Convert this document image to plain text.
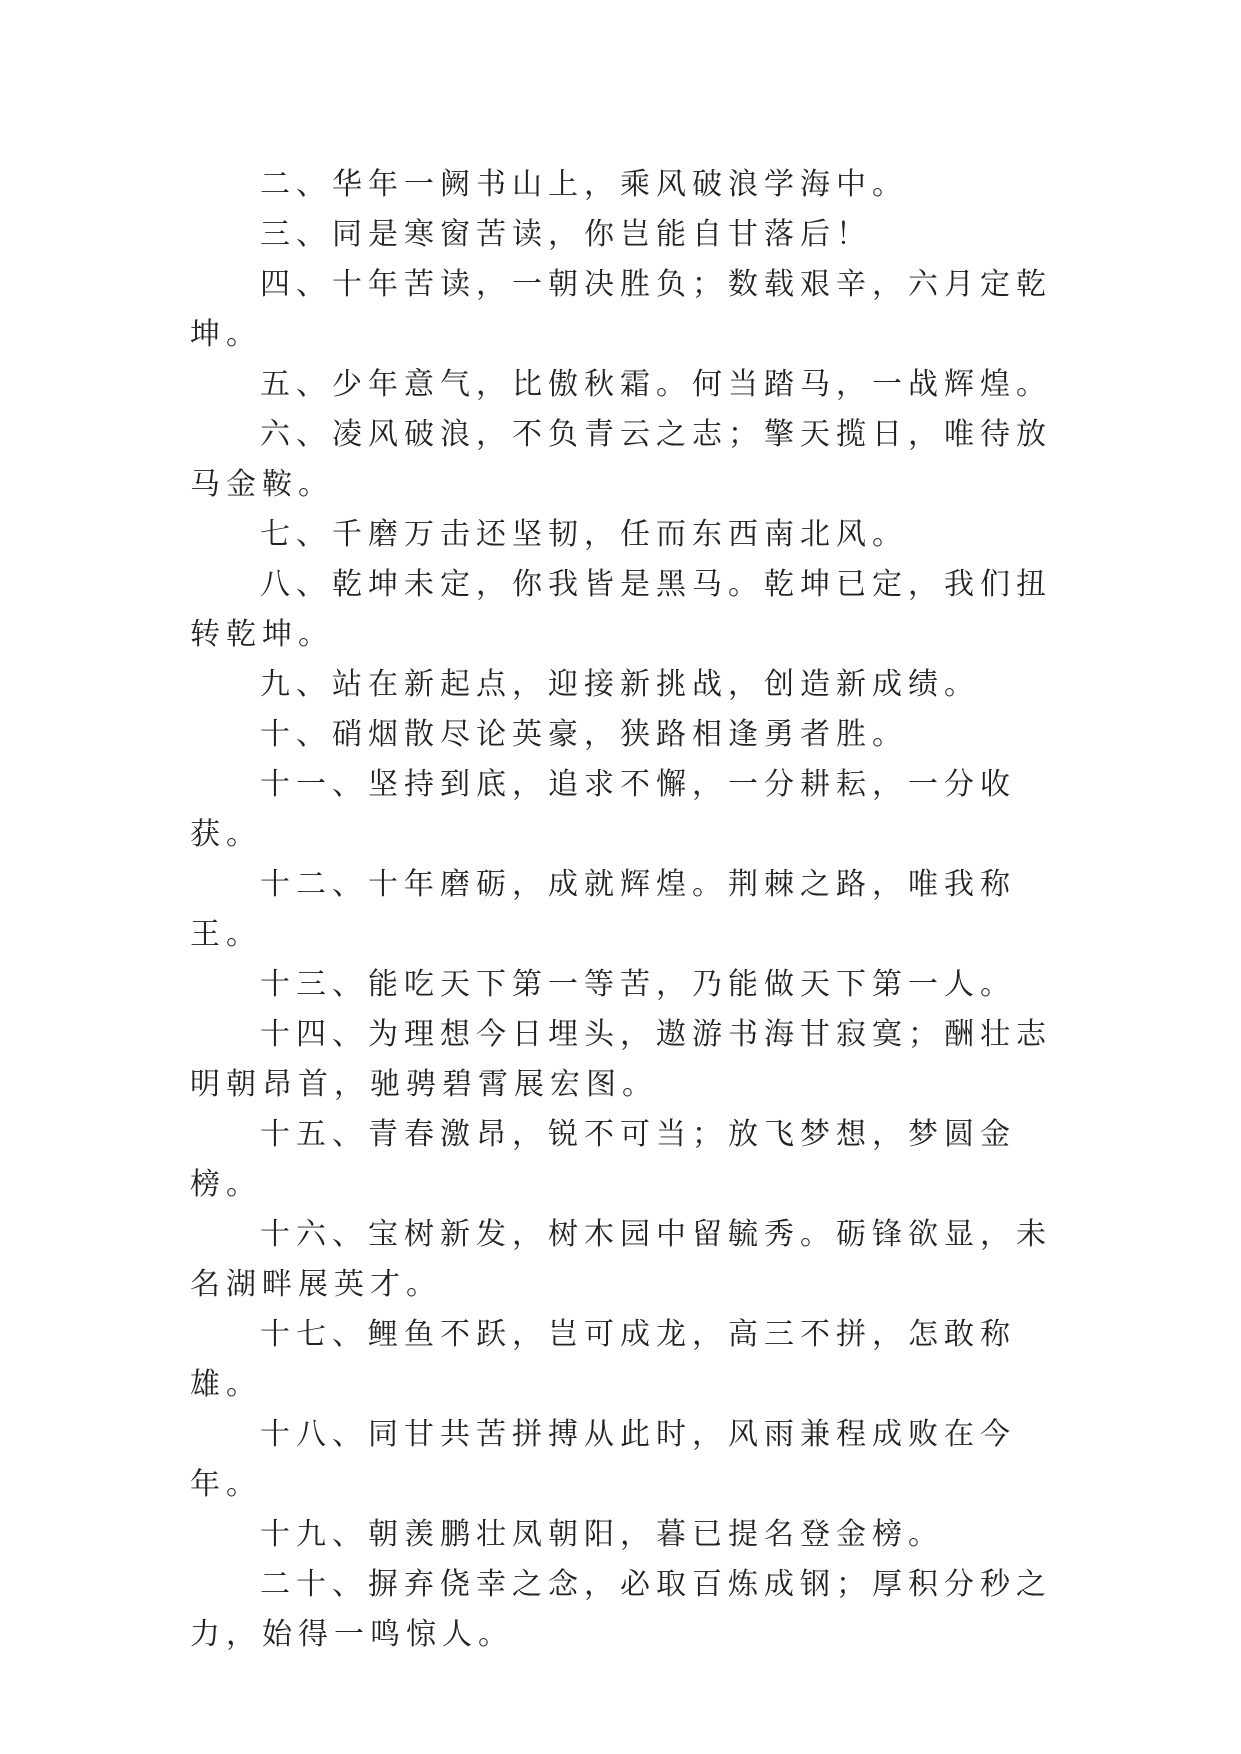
二、华年一阙书山上，乘风破浪学海中。

三、同是寒窗苦读，你岂能自甘落后！

四、十年苦读，一朝决胜负；数载艰辛，六月定乾坤。

五、少年意气，比傲秋霜。何当踏马，一战辉煌。

六、凌风破浪，不负青云之志；擎天揽日，唯待放马金鞍。

七、千磨万击还坚韧，任而东西南北风。

八、乾坤未定，你我皆是黑马。乾坤已定，我们扭转乾坤。

九、站在新起点，迎接新挑战，创造新成绩。

十、硝烟散尽论英豪，狭路相逢勇者胜。

十一、坚持到底，追求不懈，一分耕耘，一分收获。

十二、十年磨砺，成就辉煌。荆棘之路，唯我称王。

十三、能吃天下第一等苦，乃能做天下第一人。

十四、为理想今日埋头，遨游书海甘寂寞；酬壮志明朝昂首，驰骋碧霄展宏图。

十五、青春激昂，锐不可当；放飞梦想，梦圆金榜。

十六、宝树新发，树木园中留毓秀。砺锋欲显，未名湖畔展英才。

十七、鲤鱼不跃，岂可成龙，高三不拼，怎敢称雄。

十八、同甘共苦拼搏从此时，风雨兼程成败在今年。

十九、朝羡鹏壮凤朝阳，暮已提名登金榜。

二十、摒弃侥幸之念，必取百炼成钢；厚积分秒之力，始得一鸣惊人。
